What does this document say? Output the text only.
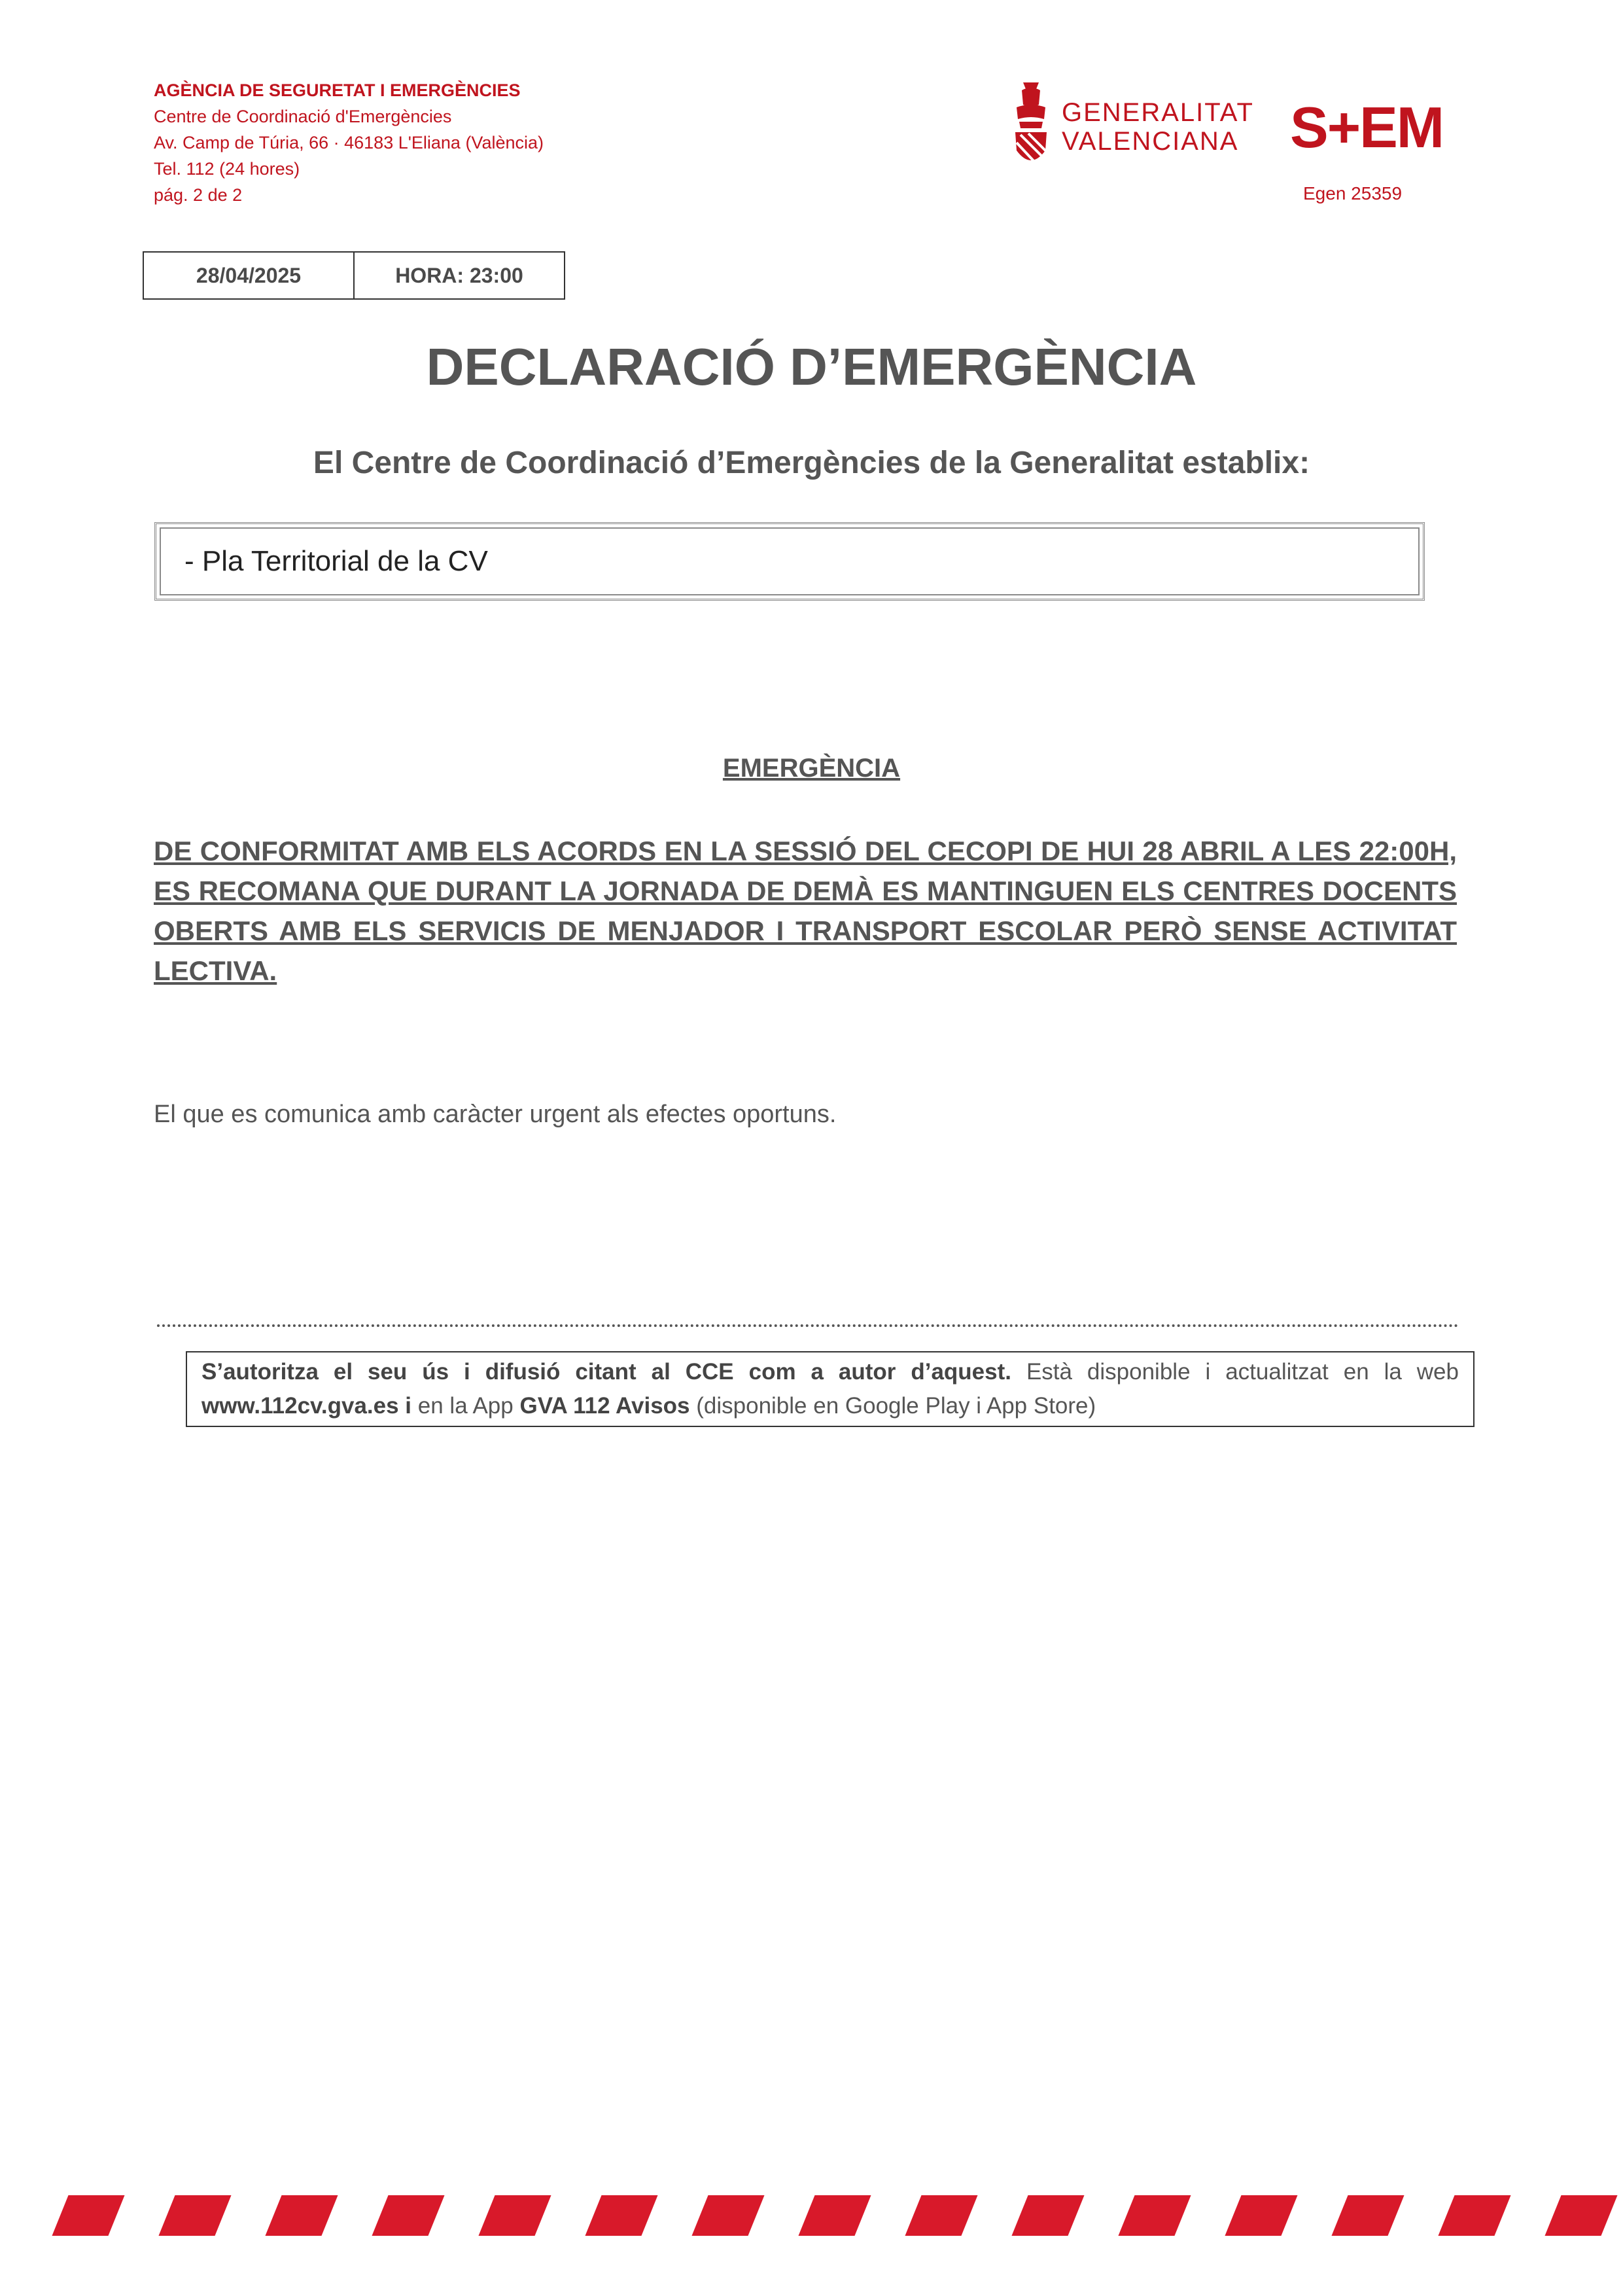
AGÈNCIA DE SEGURETAT I EMERGÈNCIES
Centre de Coordinació d'Emergències
Av. Camp de Túria, 66 · 46183 L'Eliana (València)
Tel. 112 (24 hores)
pág. 2 de 2
GENERALITAT
VALENCIANA S+EM
Egen 25359
28/04/2025	HORA: 23:00
DECLARACIÓ D’EMERGÈNCIA
El Centre de Coordinació d’Emergències de la Generalitat establix:
- Pla Territorial de la CV
EMERGÈNCIA
DE CONFORMITAT AMB ELS ACORDS EN LA SESSIÓ DEL CECOPI DE HUI 28 ABRIL A LES 22:00H, ES RECOMANA QUE DURANT LA JORNADA DE DEMÀ ES MANTINGUEN ELS CENTRES DOCENTS OBERTS AMB ELS SERVICIS DE MENJADOR I TRANSPORT ESCOLAR PERÒ SENSE ACTIVITAT LECTIVA.
El que es comunica amb caràcter urgent als efectes oportuns.
S’autoritza el seu ús i difusió citant al CCE com a autor d’aquest. Està disponible i actualitzat en la web www.112cv.gva.es i en la App GVA 112 Avisos (disponible en Google Play i App Store)
